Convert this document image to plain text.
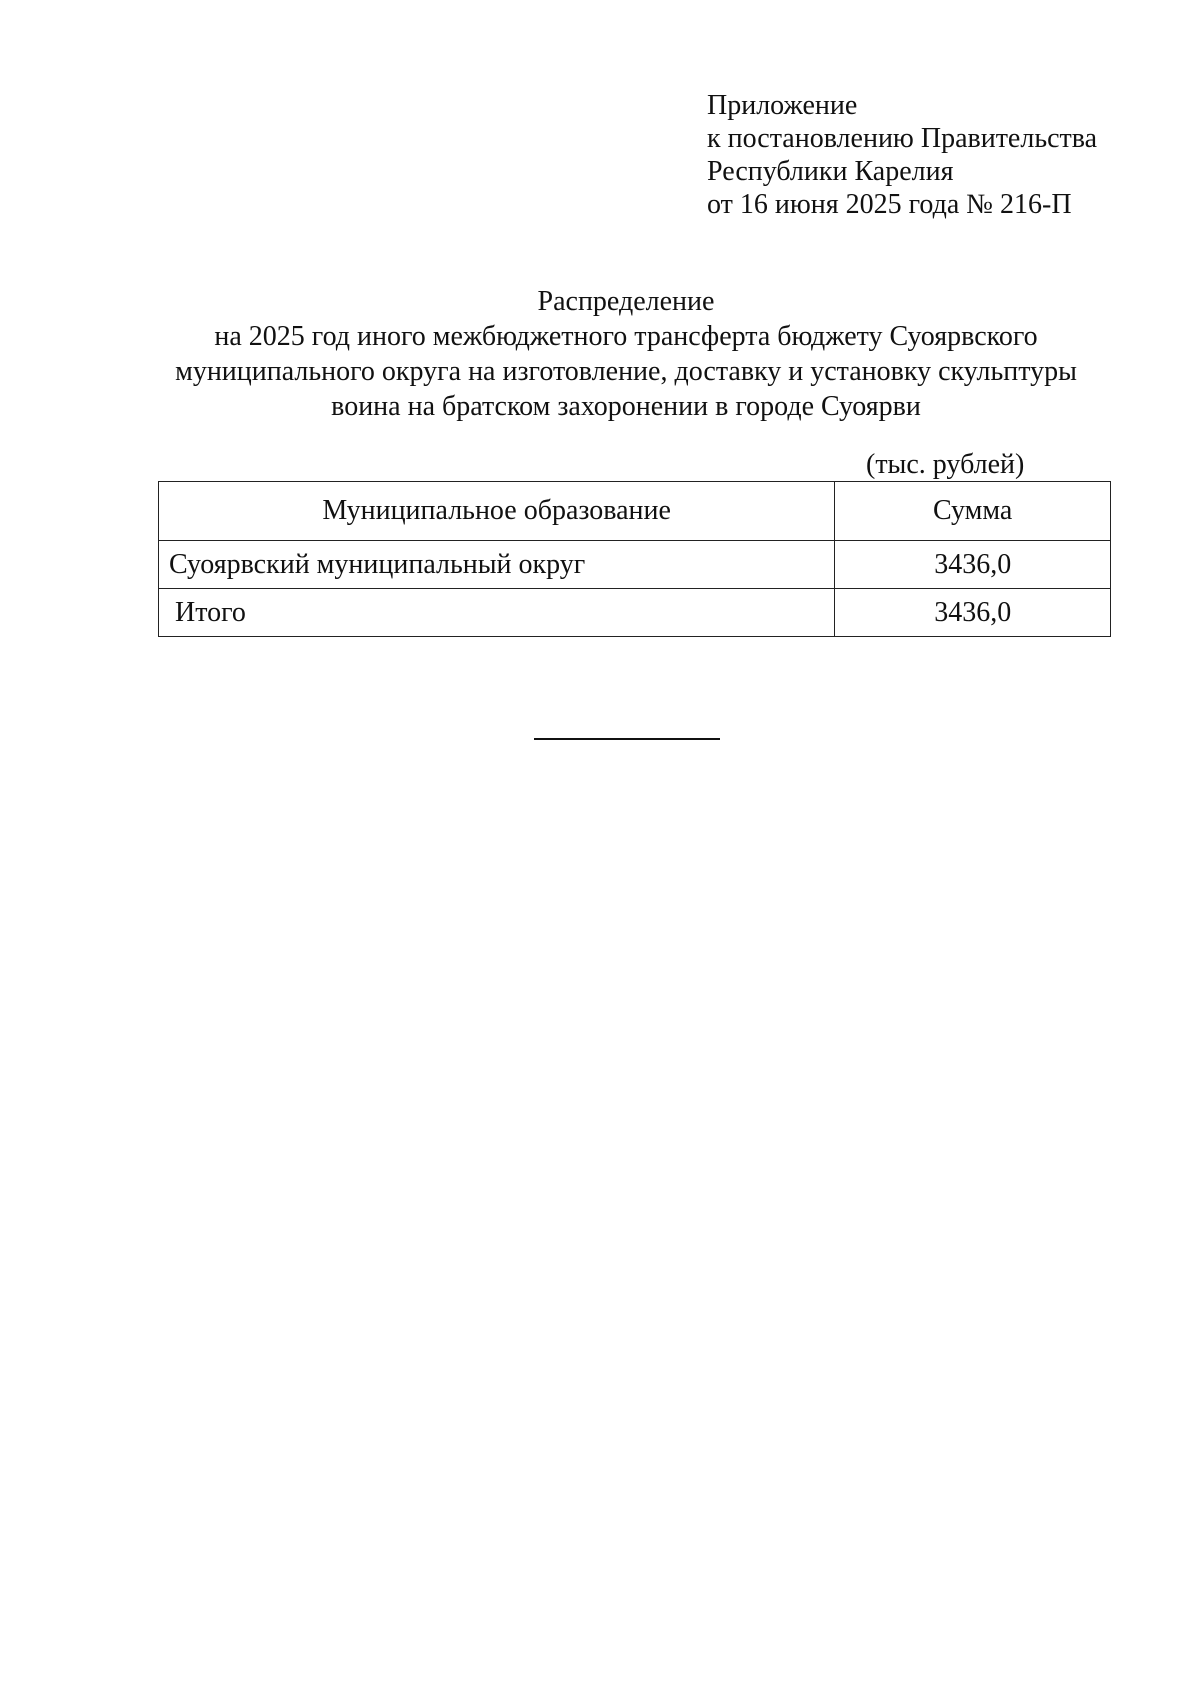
Приложение
к постановлению Правительства
Республики Карелия
от 16 июня 2025 года № 216-П
Распределение
на 2025 год иного межбюджетного трансферта бюджету Суоярвского
муниципального округа на изготовление, доставку и установку скульптуры
воина на братском захоронении в городе Суоярви
(тыс. рублей)
Муниципальное образование	Сумма
Суоярвский муниципальный округ	3436,0
Итого	3436,0
